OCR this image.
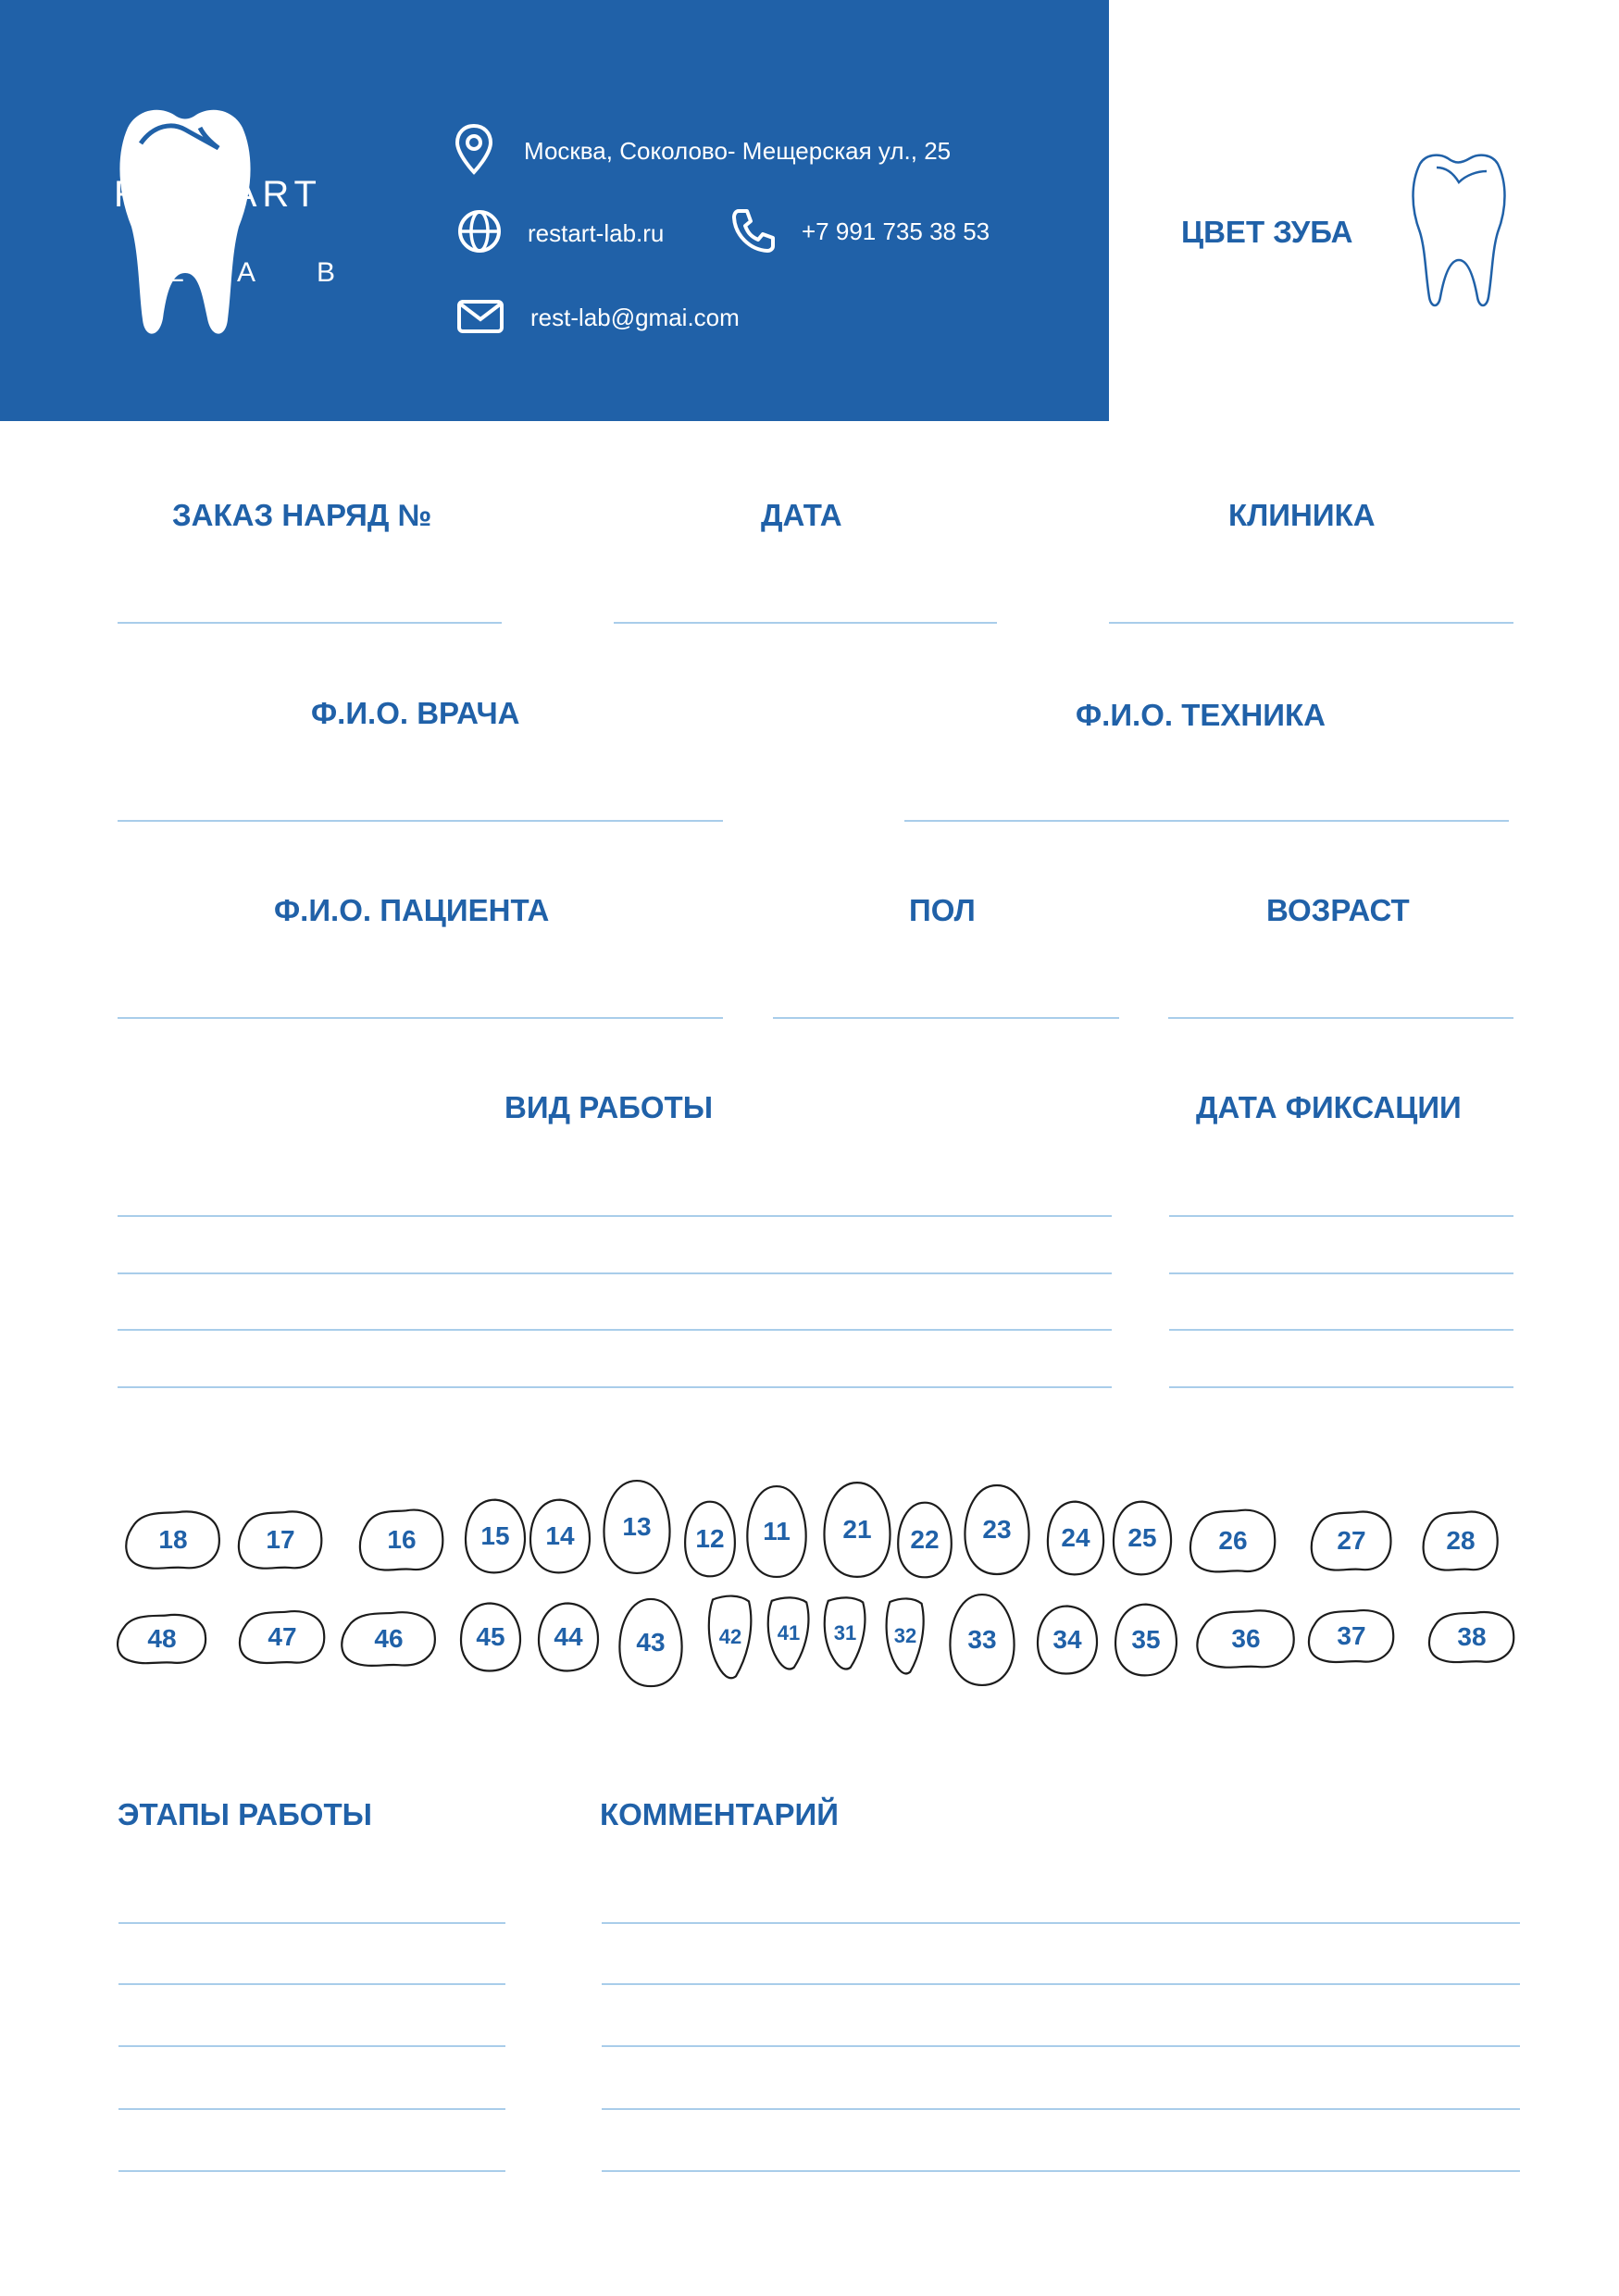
RESTART
L A B
Москва, Соколово- Мещерская ул., 25
restart-lab.ru	+7 991 735 38 53
rest-lab@gmai.com
ЦВЕТ ЗУБА
ЗАКАЗ НАРЯД №	ДАТА	КЛИНИКА
Ф.И.О. ВРАЧА	Ф.И.О. ТЕХНИКА
Ф.И.О. ПАЦИЕНТА	ПОЛ	ВОЗРАСТ
ВИД РАБОТЫ	ДАТА ФИКСАЦИИ
18	17	16	15	14	13	12	11	21	22	23	24	25	26	27	28
48	47	46	45	44	43	42	41	31	32	33	34	35	36	37	38
ЭТАПЫ РАБОТЫ	КОММЕНТАРИЙ
